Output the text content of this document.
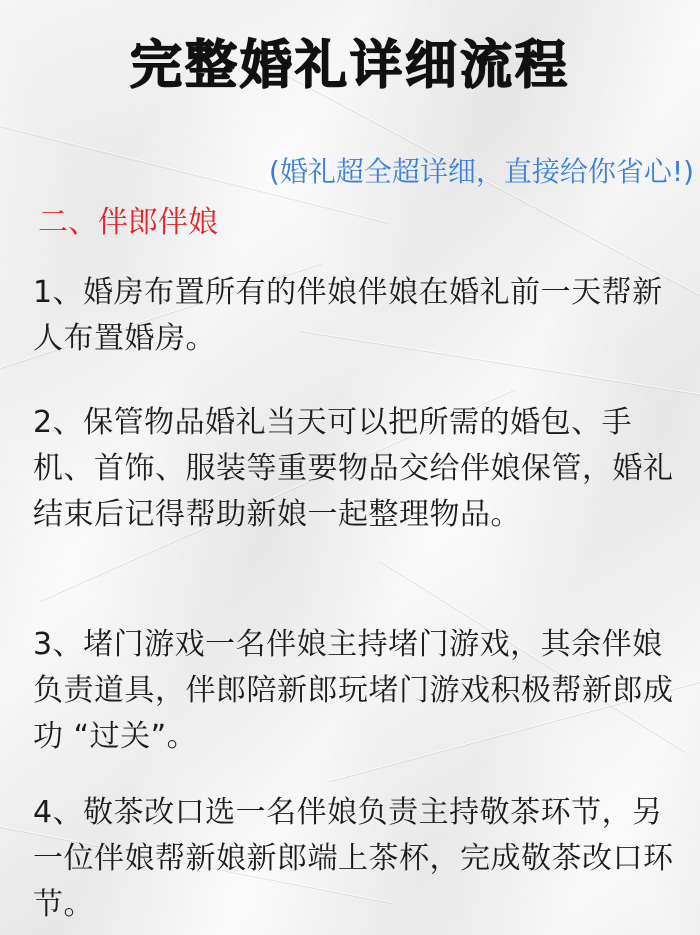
完整婚礼详细流程
(婚礼超全超详细，直接给你省心!)
二、伴郎伴娘

1、婚房布置所有的伴娘伴娘在婚礼前一天帮新人布置婚房。

2、保管物品婚礼当天可以把所需的婚包、手机、首饰、服装等重要物品交给伴娘保管，婚礼结束后记得帮助新娘一起整理物品。

3、堵门游戏一名伴娘主持堵门游戏，其余伴娘负责道具，伴郎陪新郎玩堵门游戏积极帮新郎成功 “过关”。

4、敬茶改口选一名伴娘负责主持敬茶环节，另一位伴娘帮新娘新郎端上茶杯，完成敬茶改口环节。
